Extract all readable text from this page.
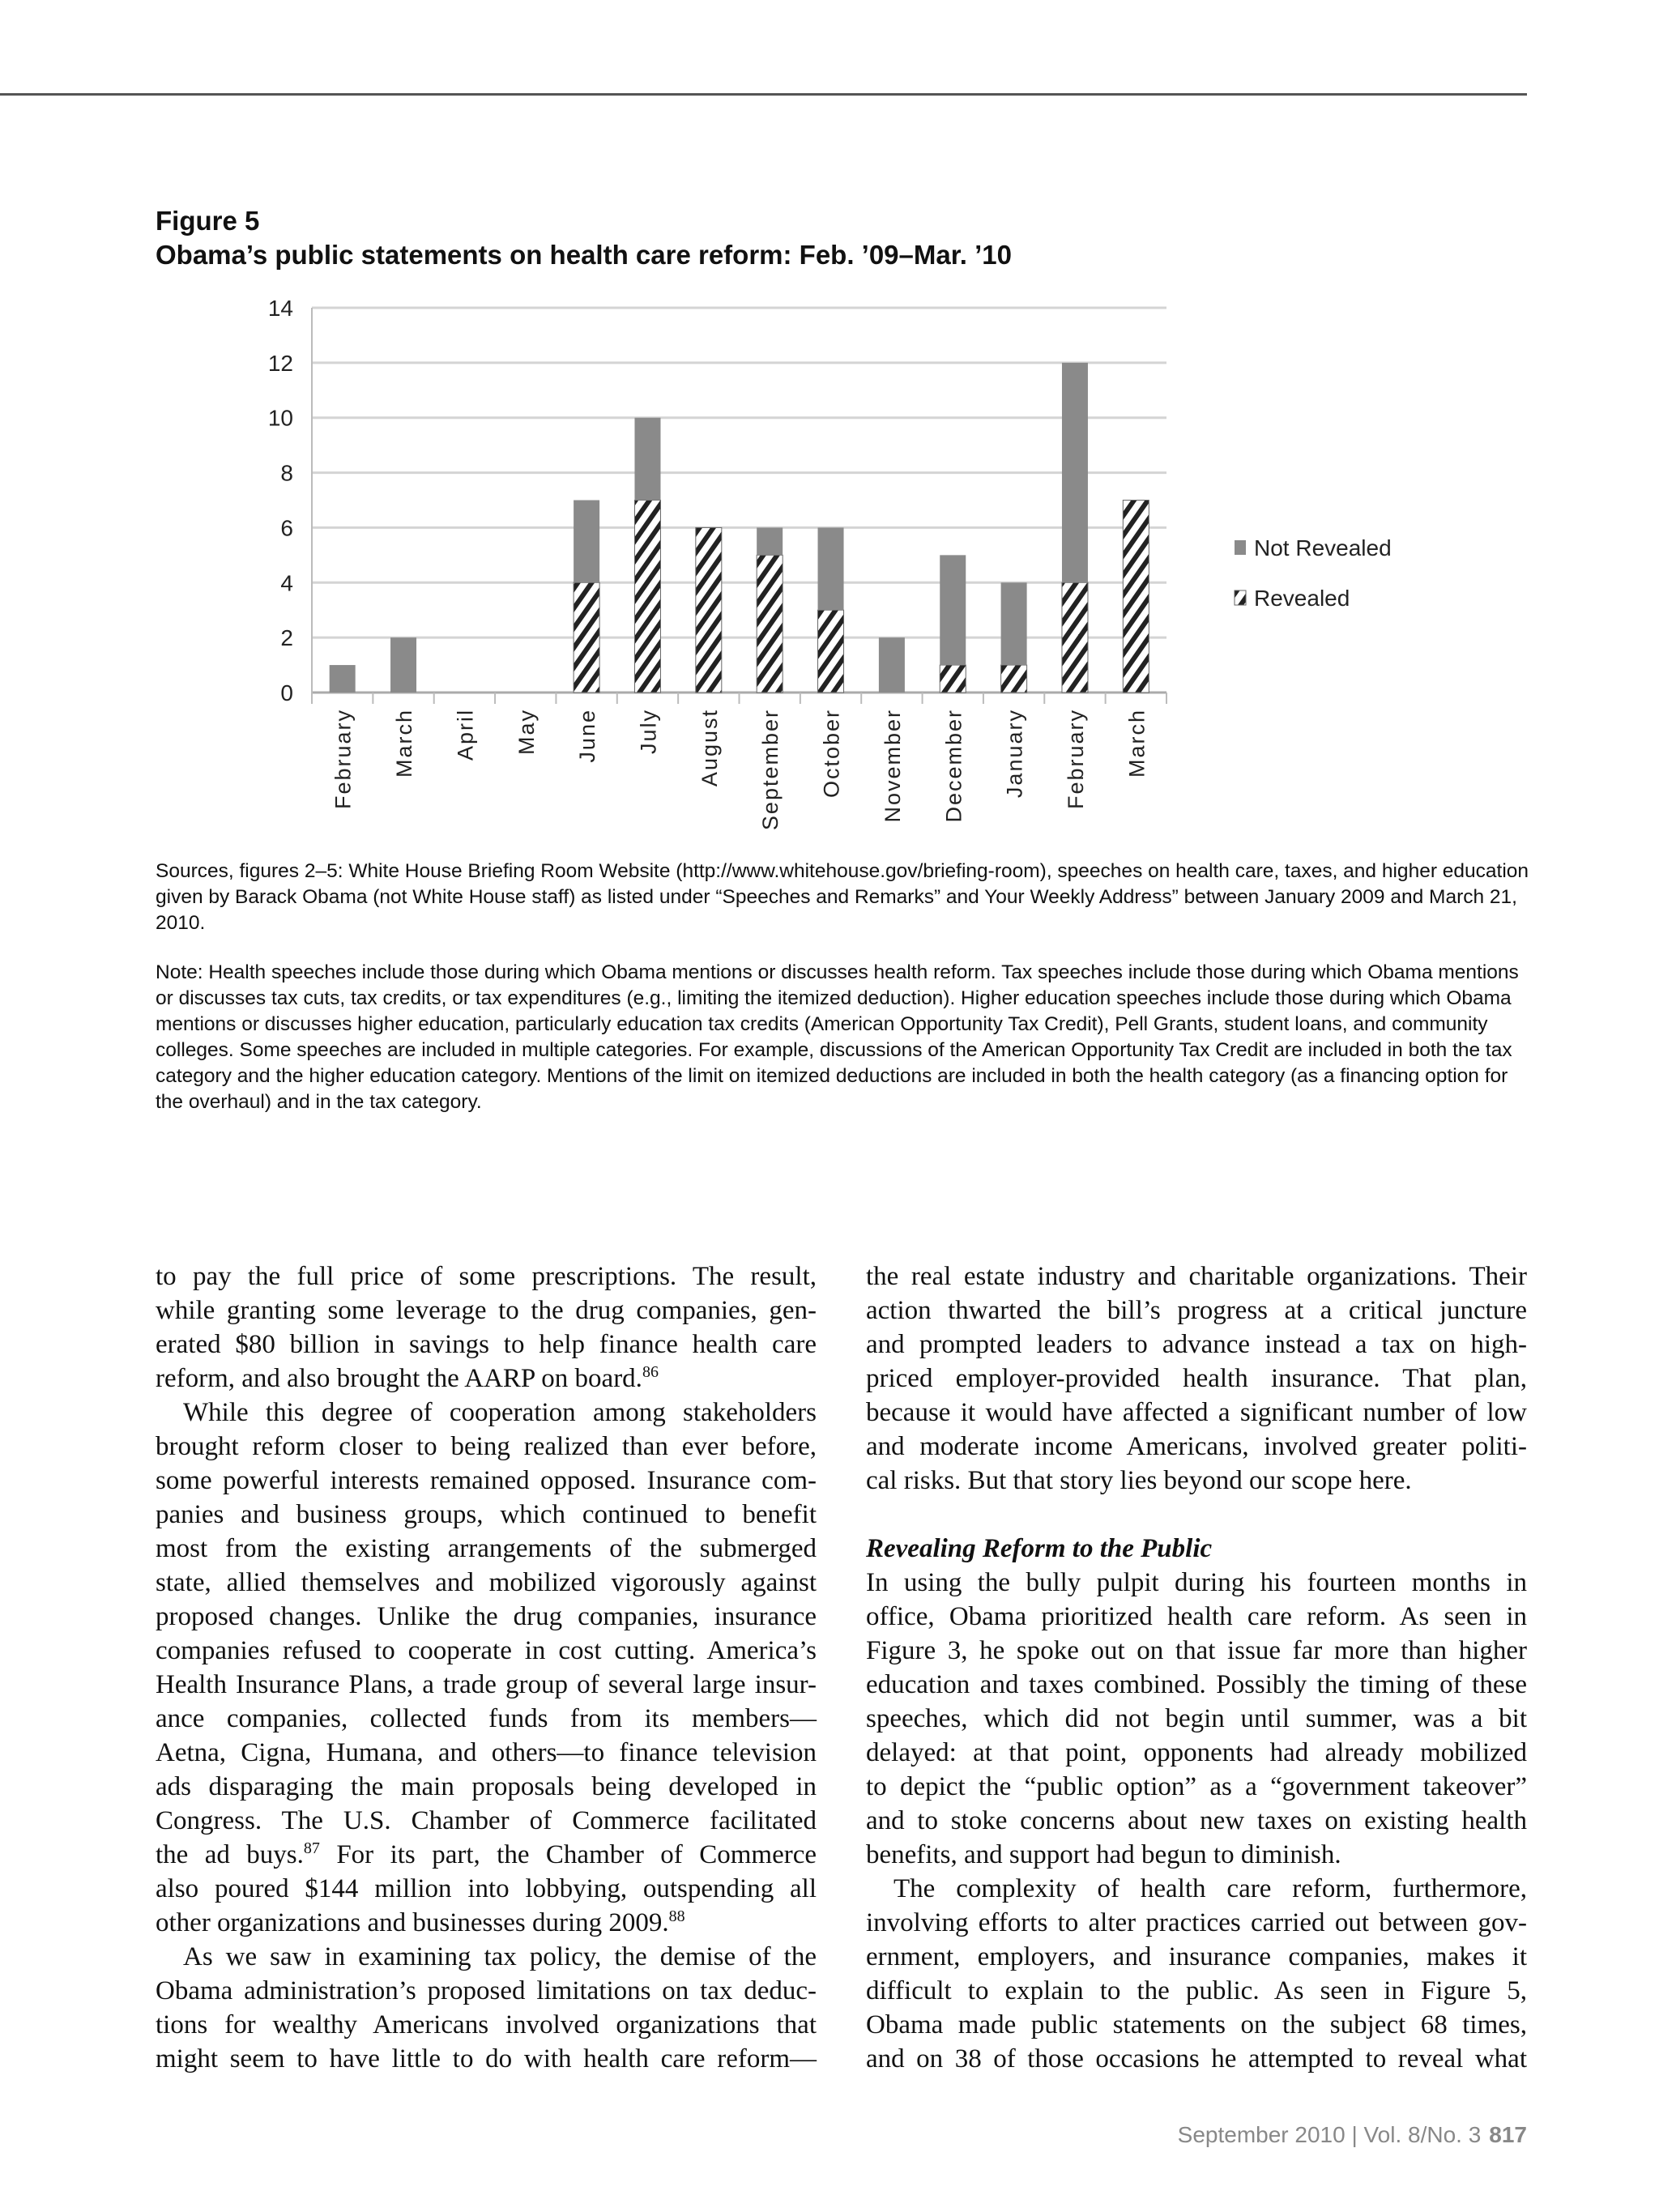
Figure 5
Obama’s public statements on health care reform: Feb. ’09–Mar. ’10
0
2
4
6
8
10
12
14
February March April May June July August September October November December January February March
Not Revealed
Revealed
Sources, figures 2–5: White House Briefing Room Website (http://www.whitehouse.gov/briefing-room), speeches on health care, taxes, and higher education given by Barack Obama (not White House staff) as listed under “Speeches and Remarks” and Your Weekly Address” between January 2009 and March 21, 2010.
Note: Health speeches include those during which Obama mentions or discusses health reform. Tax speeches include those during which Obama mentions or discusses tax cuts, tax credits, or tax expenditures (e.g., limiting the itemized deduction). Higher education speeches include those during which Obama mentions or discusses higher education, particularly education tax credits (American Opportunity Tax Credit), Pell Grants, student loans, and community colleges. Some speeches are included in multiple categories. For example, discussions of the American Opportunity Tax Credit are included in both the tax category and the higher education category. Mentions of the limit on itemized deductions are included in both the health category (as a financing option for the overhaul) and in the tax category.
to pay the full price of some prescriptions. The result,
while granting some leverage to the drug companies, gen-
erated $80 billion in savings to help finance health care
reform, and also brought the AARP on board.$^{86}$
While this degree of cooperation among stakeholders
brought reform closer to being realized than ever before,
some powerful interests remained opposed. Insurance com-
panies and business groups, which continued to benefit
most from the existing arrangements of the submerged
state, allied themselves and mobilized vigorously against
proposed changes. Unlike the drug companies, insurance
companies refused to cooperate in cost cutting. America’s
Health Insurance Plans, a trade group of several large insur-
ance companies, collected funds from its members—
Aetna, Cigna, Humana, and others—to finance television
ads disparaging the main proposals being developed in
Congress. The U.S. Chamber of Commerce facilitated
the ad buys.$^{87}$ For its part, the Chamber of Commerce
also poured $144 million into lobbying, outspending all
other organizations and businesses during 2009.88
As we saw in examining tax policy, the demise of the
Obama administration’s proposed limitations on tax deduc-
tions for wealthy Americans involved organizations that
might seem to have little to do with health care reform—
the real estate industry and charitable organizations. Their
action thwarted the bill’s progress at a critical juncture
and prompted leaders to advance instead a tax on high-
priced employer-provided health insurance. That plan,
because it would have affected a significant number of low
and moderate income Americans, involved greater politi-
cal risks. But that story lies beyond our scope here.
Revealing Reform to the Public
In using the bully pulpit during his fourteen months in
office, Obama prioritized health care reform. As seen in
Figure 3, he spoke out on that issue far more than higher
education and taxes combined. Possibly the timing of these
speeches, which did not begin until summer, was a bit
delayed: at that point, opponents had already mobilized
to depict the “public option” as a “government takeover”
and to stoke concerns about new taxes on existing health
benefits, and support had begun to diminish.
The complexity of health care reform, furthermore,
involving efforts to alter practices carried out between gov-
ernment, employers, and insurance companies, makes it
difficult to explain to the public. As seen in Figure 5,
Obama made public statements on the subject 68 times,
and on 38 of those occasions he attempted to reveal what
September 2010 | Vol. 8/No. 3 817
